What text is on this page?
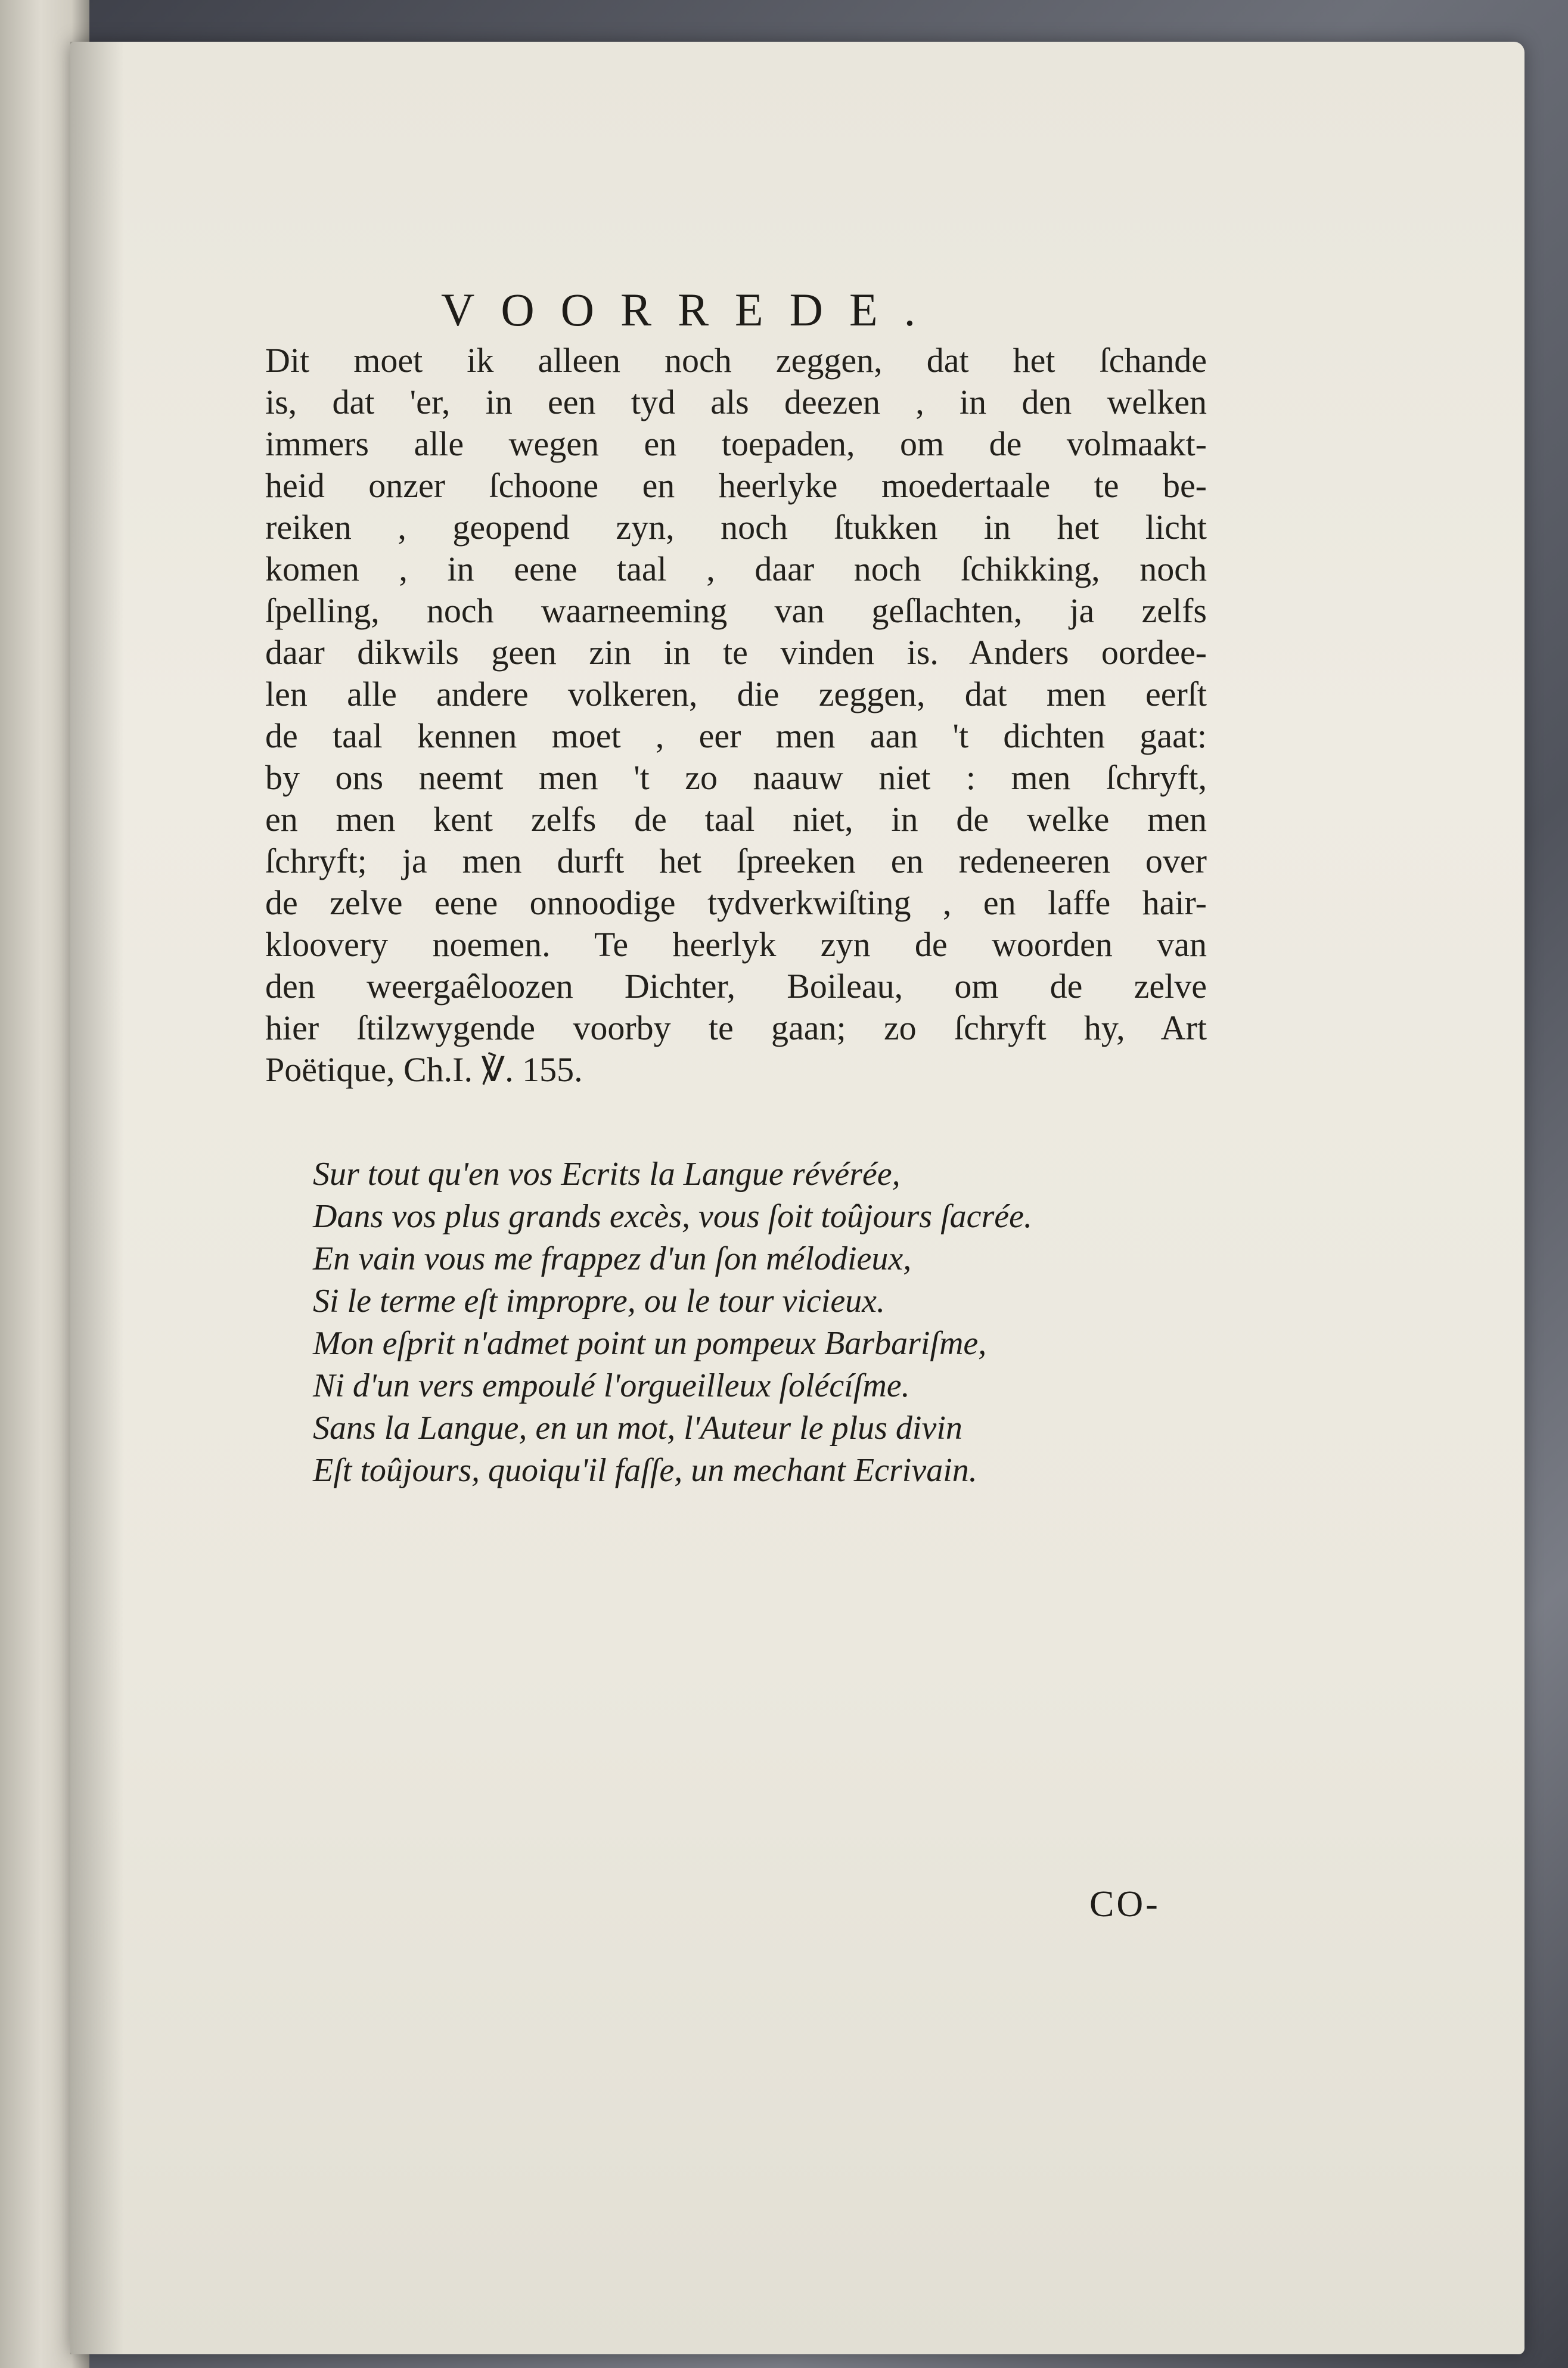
VOORREDE.
Dit moet ik alleen noch zeggen, dat het ſchande
is, dat 'er, in een tyd als deezen , in den welken
immers alle wegen en toepaden, om de volmaakt-
heid onzer ſchoone en heerlyke moedertaale te be-
reiken , geopend zyn, noch ſtukken in het licht
komen , in eene taal , daar noch ſchikking, noch
ſpelling, noch waarneeming van geſlachten, ja zelfs
daar dikwils geen zin in te vinden is. Anders oordee-
len alle andere volkeren, die zeggen, dat men eerſt
de taal kennen moet , eer men aan 't dichten gaat:
by ons neemt men 't zo naauw niet : men ſchryft,
en men kent zelfs de taal niet, in de welke men
ſchryft; ja men durft het ſpreeken en redeneeren over
de zelve eene onnoodige tydverkwiſting , en laffe hair-
kloovery noemen. Te heerlyk zyn de woorden van
den weergaêloozen Dichter, Boileau, om de zelve
hier ſtilzwygende voorby te gaan; zo ſchryft hy, Art
Poëtique, Ch.I. ℣. 155.
Sur tout qu'en vos Ecrits la Langue révérée,
Dans vos plus grands excès, vous ſoit toûjours ſacrée.
En vain vous me frappez d'un ſon mélodieux,
Si le terme eſt impropre, ou le tour vicieux.
Mon eſprit n'admet point un pompeux Barbariſme,
Ni d'un vers empoulé l'orgueilleux ſolécíſme.
Sans la Langue, en un mot, l'Auteur le plus divin
Eſt toûjours, quoiqu'il faſſe, un mechant Ecrivain.
CO-
